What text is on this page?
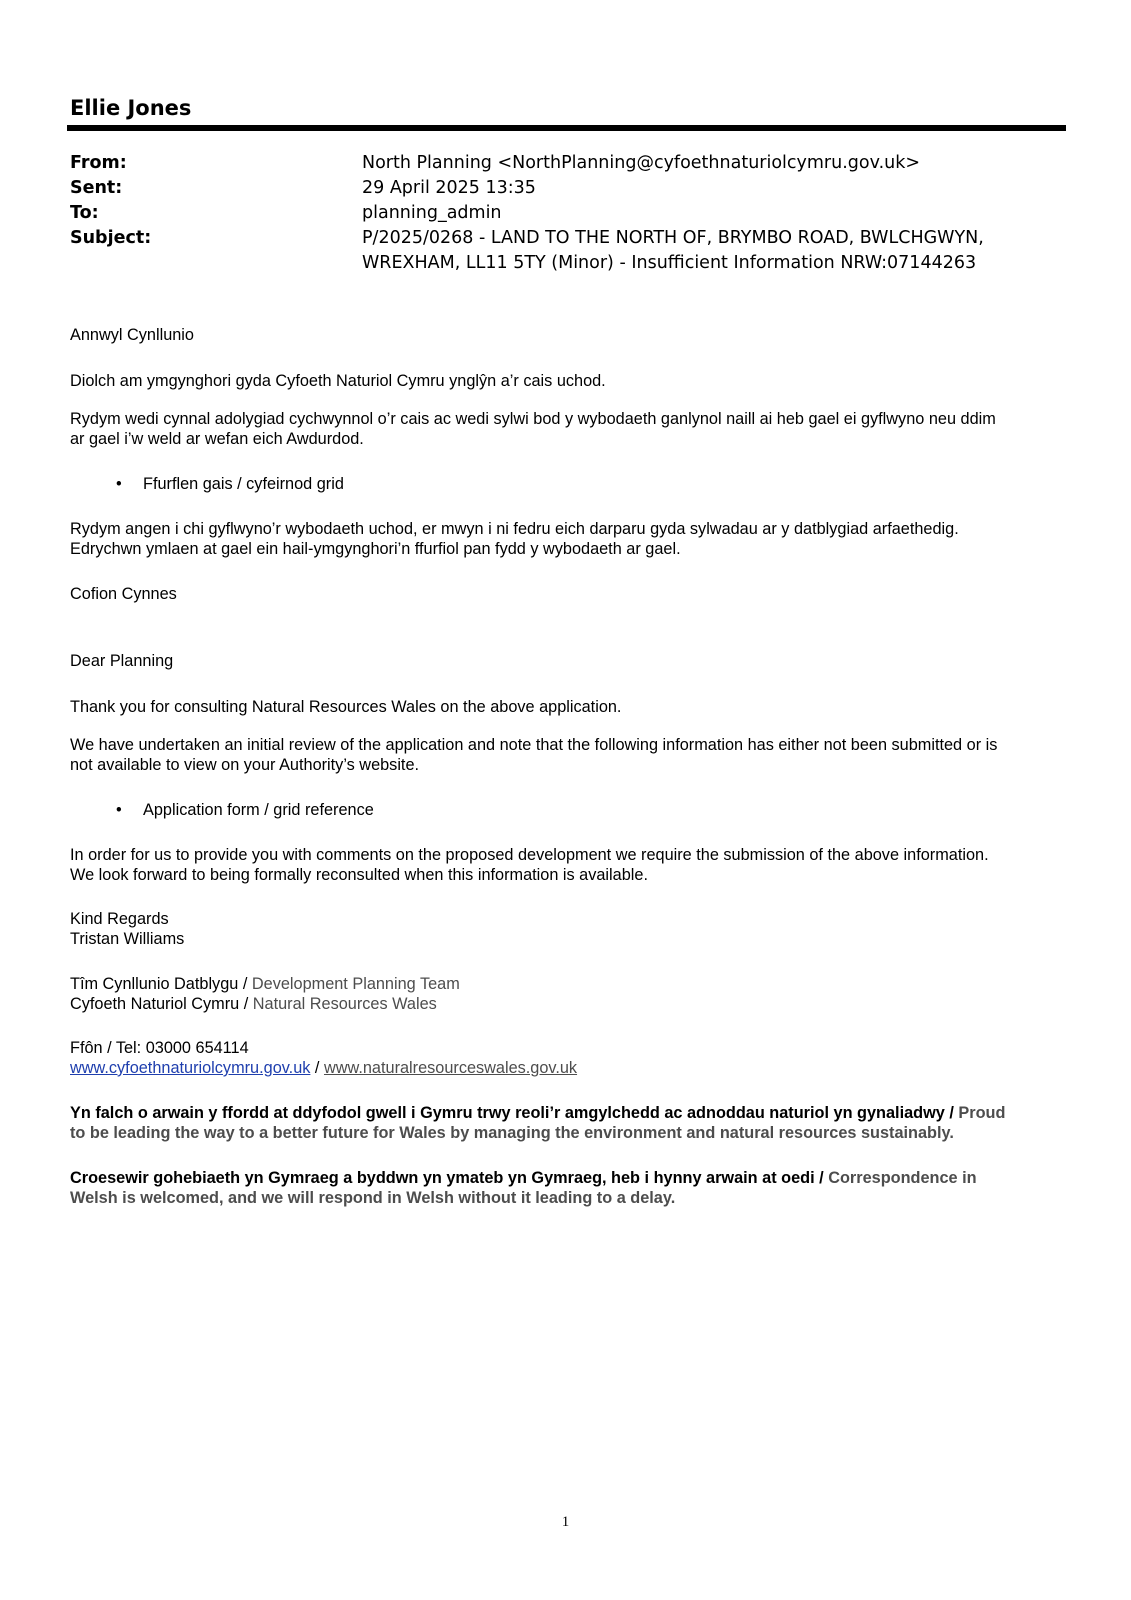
Ellie Jones
From:	North Planning <NorthPlanning@cyfoethnaturiolcymru.gov.uk>
Sent:	29 April 2025 13:35
To:	planning_admin
Subject:	P/2025/0268 - LAND TO THE NORTH OF, BRYMBO ROAD, BWLCHGWYN,
WREXHAM, LL11 5TY (Minor) - Insufficient Information NRW:07144263
Annwyl Cynllunio
Diolch am ymgynghori gyda Cyfoeth Naturiol Cymru ynglŷn a’r cais uchod.
Rydym wedi cynnal adolygiad cychwynnol o’r cais ac wedi sylwi bod y wybodaeth ganlynol naill ai heb gael ei gyflwyno neu ddim
ar gael i’w weld ar wefan eich Awdurdod.
• Ffurflen gais / cyfeirnod grid
Rydym angen i chi gyflwyno’r wybodaeth uchod, er mwyn i ni fedru eich darparu gyda sylwadau ar y datblygiad arfaethedig.
Edrychwn ymlaen at gael ein hail-ymgynghori’n ffurfiol pan fydd y wybodaeth ar gael.
Cofion Cynnes
Dear Planning
Thank you for consulting Natural Resources Wales on the above application.
We have undertaken an initial review of the application and note that the following information has either not been submitted or is
not available to view on your Authority’s website.
• Application form / grid reference
In order for us to provide you with comments on the proposed development we require the submission of the above information.
We look forward to being formally reconsulted when this information is available.
Kind Regards
Tristan Williams
Tîm Cynllunio Datblygu / Development Planning Team
Cyfoeth Naturiol Cymru / Natural Resources Wales
Ffôn / Tel: 03000 654114
www.cyfoethnaturiolcymru.gov.uk / www.naturalresourceswales.gov.uk
Yn falch o arwain y ffordd at ddyfodol gwell i Gymru trwy reoli’r amgylchedd ac adnoddau naturiol yn gynaliadwy / Proud
to be leading the way to a better future for Wales by managing the environment and natural resources sustainably.
Croesewir gohebiaeth yn Gymraeg a byddwn yn ymateb yn Gymraeg, heb i hynny arwain at oedi / Correspondence in
Welsh is welcomed, and we will respond in Welsh without it leading to a delay.
1
